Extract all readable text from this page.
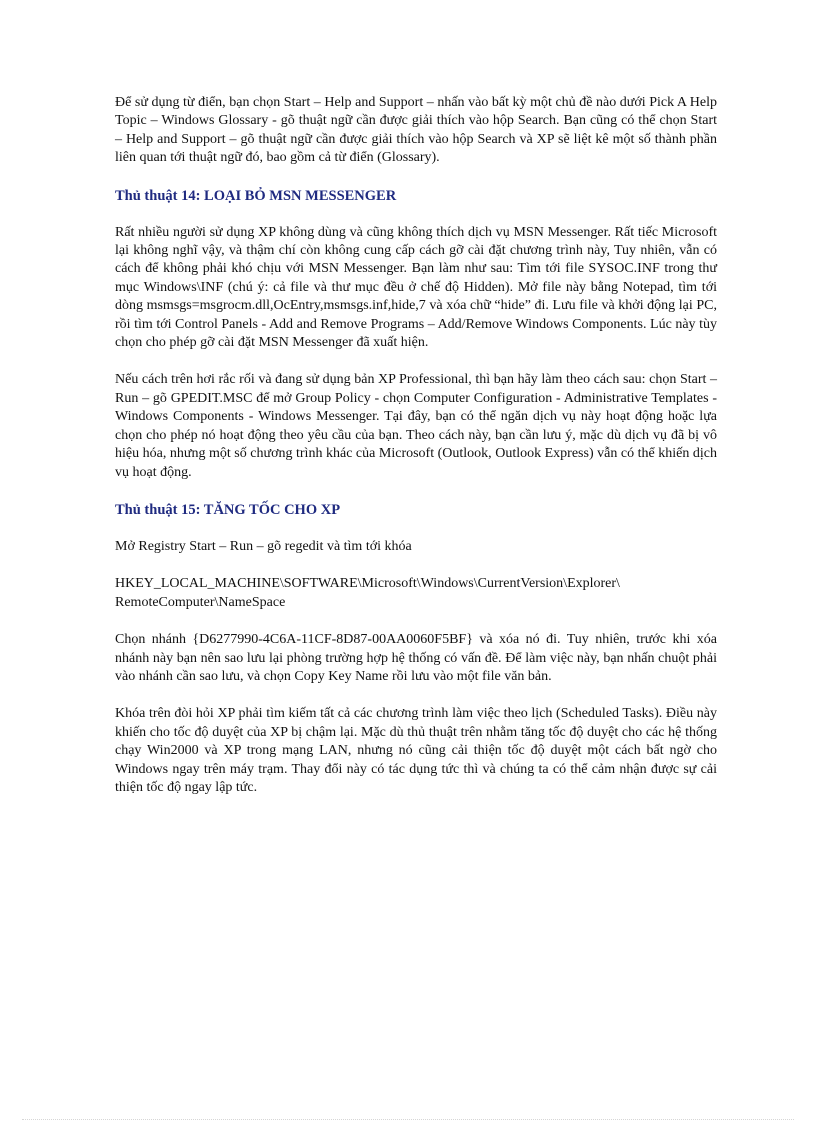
Để sử dụng từ điển, bạn chọn Start – Help and Support – nhấn vào bất kỳ một chủ đề nào dưới Pick A Help Topic – Windows Glossary - gõ thuật ngữ cần được giải thích vào hộp Search. Bạn cũng có thể chọn Start – Help and Support – gõ thuật ngữ cần được giải thích vào hộp Search và XP sẽ liệt kê một số thành phần liên quan tới thuật ngữ đó, bao gồm cả từ điển (Glossary).

Thủ thuật 14: LOẠI BỎ MSN MESSENGER

Rất nhiều người sử dụng XP không dùng và cũng không thích dịch vụ MSN Messenger. Rất tiếc Microsoft lại không nghĩ vậy, và thậm chí còn không cung cấp cách gỡ cài đặt chương trình này, Tuy nhiên, vẫn có cách để không phải khó chịu với MSN Messenger. Bạn làm như sau: Tìm tới file SYSOC.INF trong thư mục Windows\INF (chú ý: cả file và thư mục đều ở chế độ Hidden). Mở file này bằng Notepad, tìm tới dòng msmsgs=msgrocm.dll,OcEntry,msmsgs.inf,hide,7 và xóa chữ “hide” đi. Lưu file và khởi động lại PC, rồi tìm tới Control Panels - Add and Remove Programs – Add/Remove Windows Components. Lúc này tùy chọn cho phép gỡ cài đặt MSN Messenger đã xuất hiện.

Nếu cách trên hơi rắc rối và đang sử dụng bản XP Professional, thì bạn hãy làm theo cách sau: chọn Start – Run – gõ GPEDIT.MSC để mở Group Policy - chọn Computer Configuration - Administrative Templates - Windows Components - Windows Messenger. Tại đây, bạn có thể ngăn dịch vụ này hoạt động hoặc lựa chọn cho phép nó hoạt động theo yêu cầu của bạn. Theo cách này, bạn cần lưu ý, mặc dù dịch vụ đã bị vô hiệu hóa, nhưng một số chương trình khác của Microsoft (Outlook, Outlook Express) vẫn có thể khiến dịch vụ hoạt động.

Thủ thuật 15: TĂNG TỐC CHO XP

Mở Registry Start – Run – gõ regedit và tìm tới khóa

HKEY_LOCAL_MACHINE\SOFTWARE\Microsoft\Windows\CurrentVersion\Explorer\
RemoteComputer\NameSpace

Chọn nhánh {D6277990-4C6A-11CF-8D87-00AA0060F5BF} và xóa nó đi. Tuy nhiên, trước khi xóa nhánh này bạn nên sao lưu lại phòng trường hợp hệ thống có vấn đề. Để làm việc này, bạn nhấn chuột phải vào nhánh cần sao lưu, và chọn Copy Key Name rồi lưu vào một file văn bản.

Khóa trên đòi hỏi XP phải tìm kiếm tất cả các chương trình làm việc theo lịch (Scheduled Tasks). Điều này khiến cho tốc độ duyệt của XP bị chậm lại. Mặc dù thủ thuật trên nhằm tăng tốc độ duyệt cho các hệ thống chạy Win2000 và XP trong mạng LAN, nhưng nó cũng cải thiện tốc độ duyệt một cách bất ngờ cho Windows ngay trên máy trạm. Thay đổi này có tác dụng tức thì và chúng ta có thể cảm nhận được sự cải thiện tốc độ ngay lập tức.
